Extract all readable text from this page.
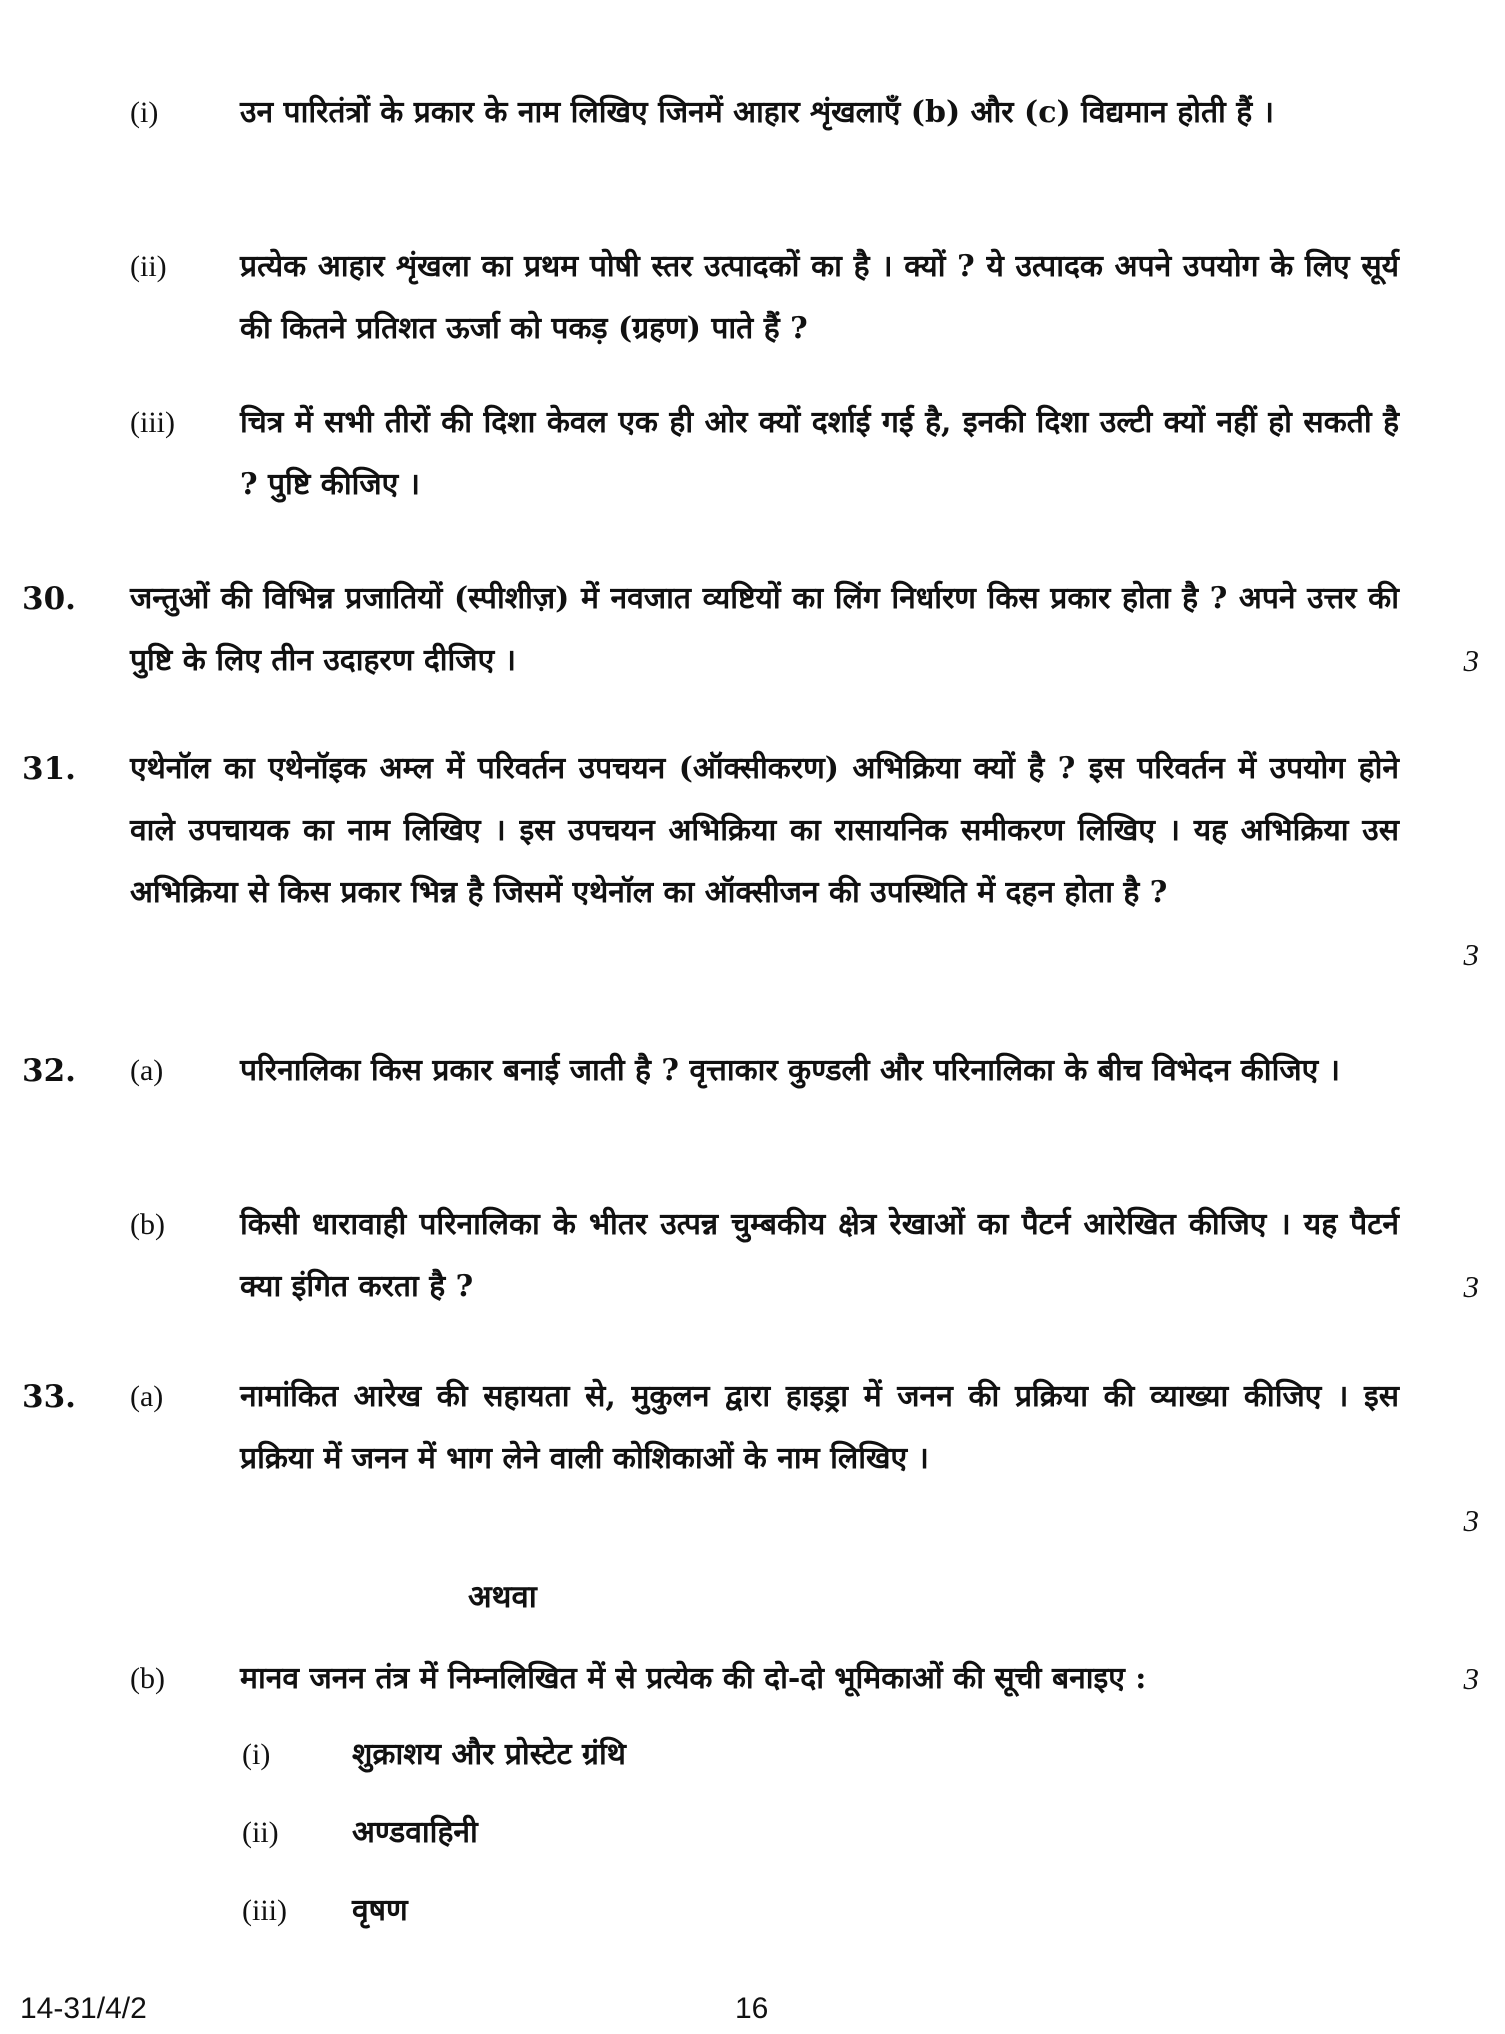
(i)	उन पारितंत्रों के प्रकार के नाम लिखिए जिनमें आहार शृंखलाएँ (b) और (c) विद्यमान होती हैं ।
(ii) प्रत्येक आहार शृंखला का प्रथम पोषी स्तर उत्पादकों का है । क्यों ? ये उत्पादक अपने उपयोग के लिए सूर्य की कितने प्रतिशत ऊर्जा को पकड़ (ग्रहण) पाते हैं ?
(iii) चित्र में सभी तीरों की दिशा केवल एक ही ओर क्यों दर्शाई गई है, इनकी दिशा उल्टी क्यों नहीं हो सकती है ? पुष्टि कीजिए ।
30. जन्तुओं की विभिन्न प्रजातियों (स्पीशीज़) में नवजात व्यष्टियों का लिंग निर्धारण किस प्रकार होता है ? अपने उत्तर की पुष्टि के लिए तीन उदाहरण दीजिए ।	3
31. एथेनॉल का एथेनॉइक अम्ल में परिवर्तन उपचयन (ऑक्सीकरण) अभिक्रिया क्यों है ? इस परिवर्तन में उपयोग होने वाले उपचायक का नाम लिखिए । इस उपचयन अभिक्रिया का रासायनिक समीकरण लिखिए । यह अभिक्रिया उस अभिक्रिया से किस प्रकार भिन्न है जिसमें एथेनॉल का ऑक्सीजन की उपस्थिति में दहन होता है ?
3
32. (a)	परिनालिका किस प्रकार बनाई जाती है ? वृत्ताकार कुण्डली और परिनालिका के बीच विभेदन कीजिए ।
(b)	किसी धारावाही परिनालिका के भीतर उत्पन्न चुम्बकीय क्षेत्र रेखाओं का पैटर्न आरेखित कीजिए । यह पैटर्न क्या इंगित करता है ?	3
33. (a)	नामांकित आरेख की सहायता से, मुकुलन द्वारा हाइड्रा में जनन की प्रक्रिया की व्याख्या कीजिए । इस प्रक्रिया में जनन में भाग लेने वाली कोशिकाओं के नाम लिखिए ।
3
अथवा
(b)	मानव जनन तंत्र में निम्नलिखित में से प्रत्येक की दो-दो भूमिकाओं की सूची बनाइए :	3
(i)	शुक्राशय और प्रोस्टेट ग्रंथि
(ii) अण्डवाहिनी
(iii) वृषण
14-31/4/2	16
